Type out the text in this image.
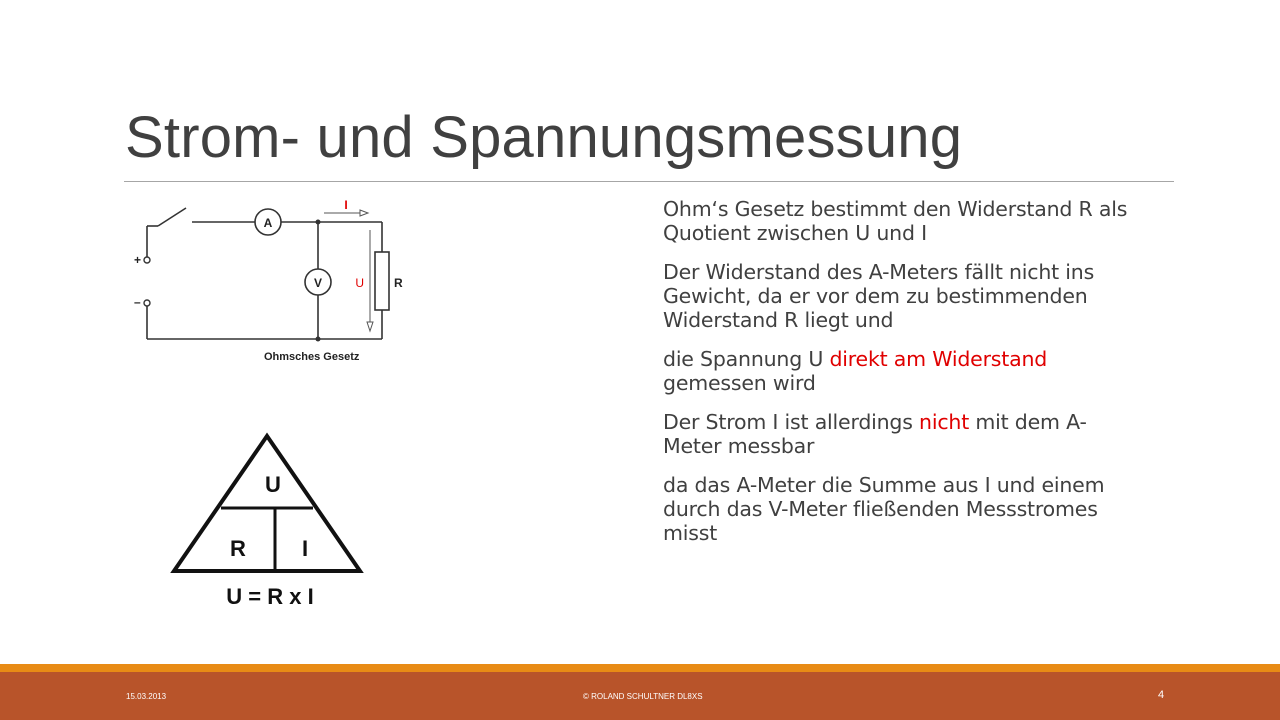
Strom- und Spannungsmessung
A
V
I
U	R
+
–
Ohmsches Gesetz
U
R	I
U = R x I
Ohm‘s Gesetz bestimmt den Widerstand R als Quotient zwischen U und I
Der Widerstand des A-Meters fällt nicht ins Gewicht, da er vor dem zu bestimmenden Widerstand R liegt und
die Spannung U direkt am Widerstand gemessen wird
Der Strom I ist allerdings nicht mit dem A-Meter messbar
da das A-Meter die Summe aus I und einem durch das V-Meter fließenden Messstromes misst
15.03.2013	© ROLAND SCHULTNER DL8XS	4
